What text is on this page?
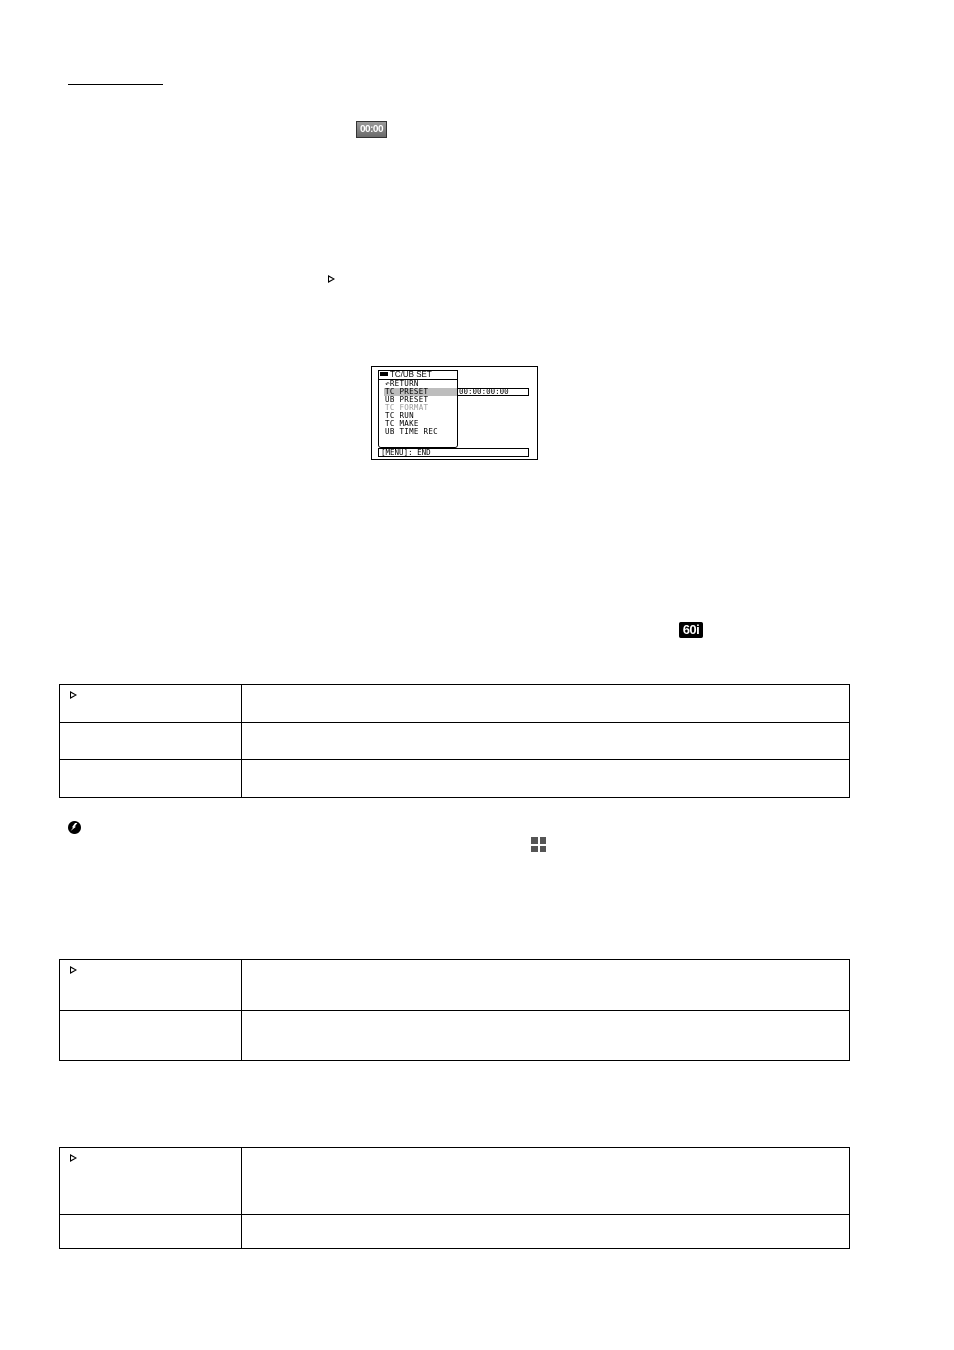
00:00
TC/UB SET
↶RETURN
TC PRESET
UB PRESET
TC FORMAT
TC RUN
TC MAKE
UB TIME REC
00:00:00:00
[MENU]: END
60i
